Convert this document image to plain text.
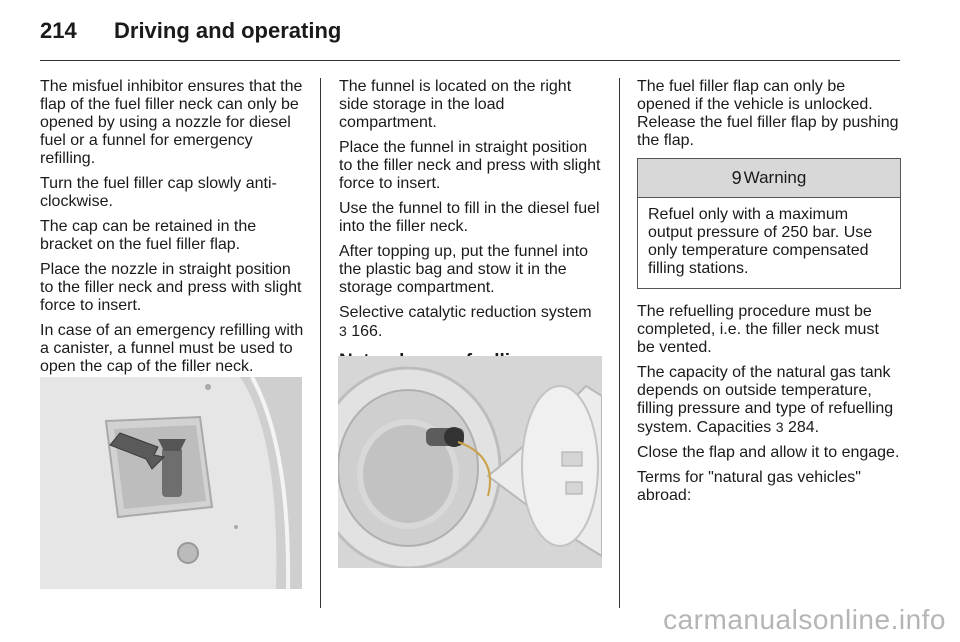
214 Driving and operating

The misfuel inhibitor ensures that the flap of the fuel filler neck can only be opened by using a nozzle for diesel fuel or a funnel for emergency refilling.

Turn the fuel filler cap slowly anti-clockwise.

The cap can be retained in the bracket on the fuel filler flap.

Place the nozzle in straight position to the filler neck and press with slight force to insert.

In case of an emergency refilling with a canister, a funnel must be used to open the cap of the filler neck.

The funnel is located on the right side storage in the load compartment.

Place the funnel in straight position to the filler neck and press with slight force to insert.

Use the funnel to fill in the diesel fuel into the filler neck.

After topping up, put the funnel into the plastic bag and stow it in the storage compartment.

Selective catalytic reduction system
3 166.

The fuel filler flap can only be opened if the vehicle is unlocked. Release the fuel filler flap by pushing the flap.

9 Warning
Refuel only with a maximum output pressure of 250 bar. Use only temperature compensated filling stations.

The refuelling procedure must be completed, i.e. the filler neck must be vented.

The capacity of the natural gas tank depends on outside temperature, filling pressure and type of refuelling system. Capacities 3 284.

Close the flap and allow it to engage.

Terms for "natural gas vehicles" abroad:

carmanualsonline.info
